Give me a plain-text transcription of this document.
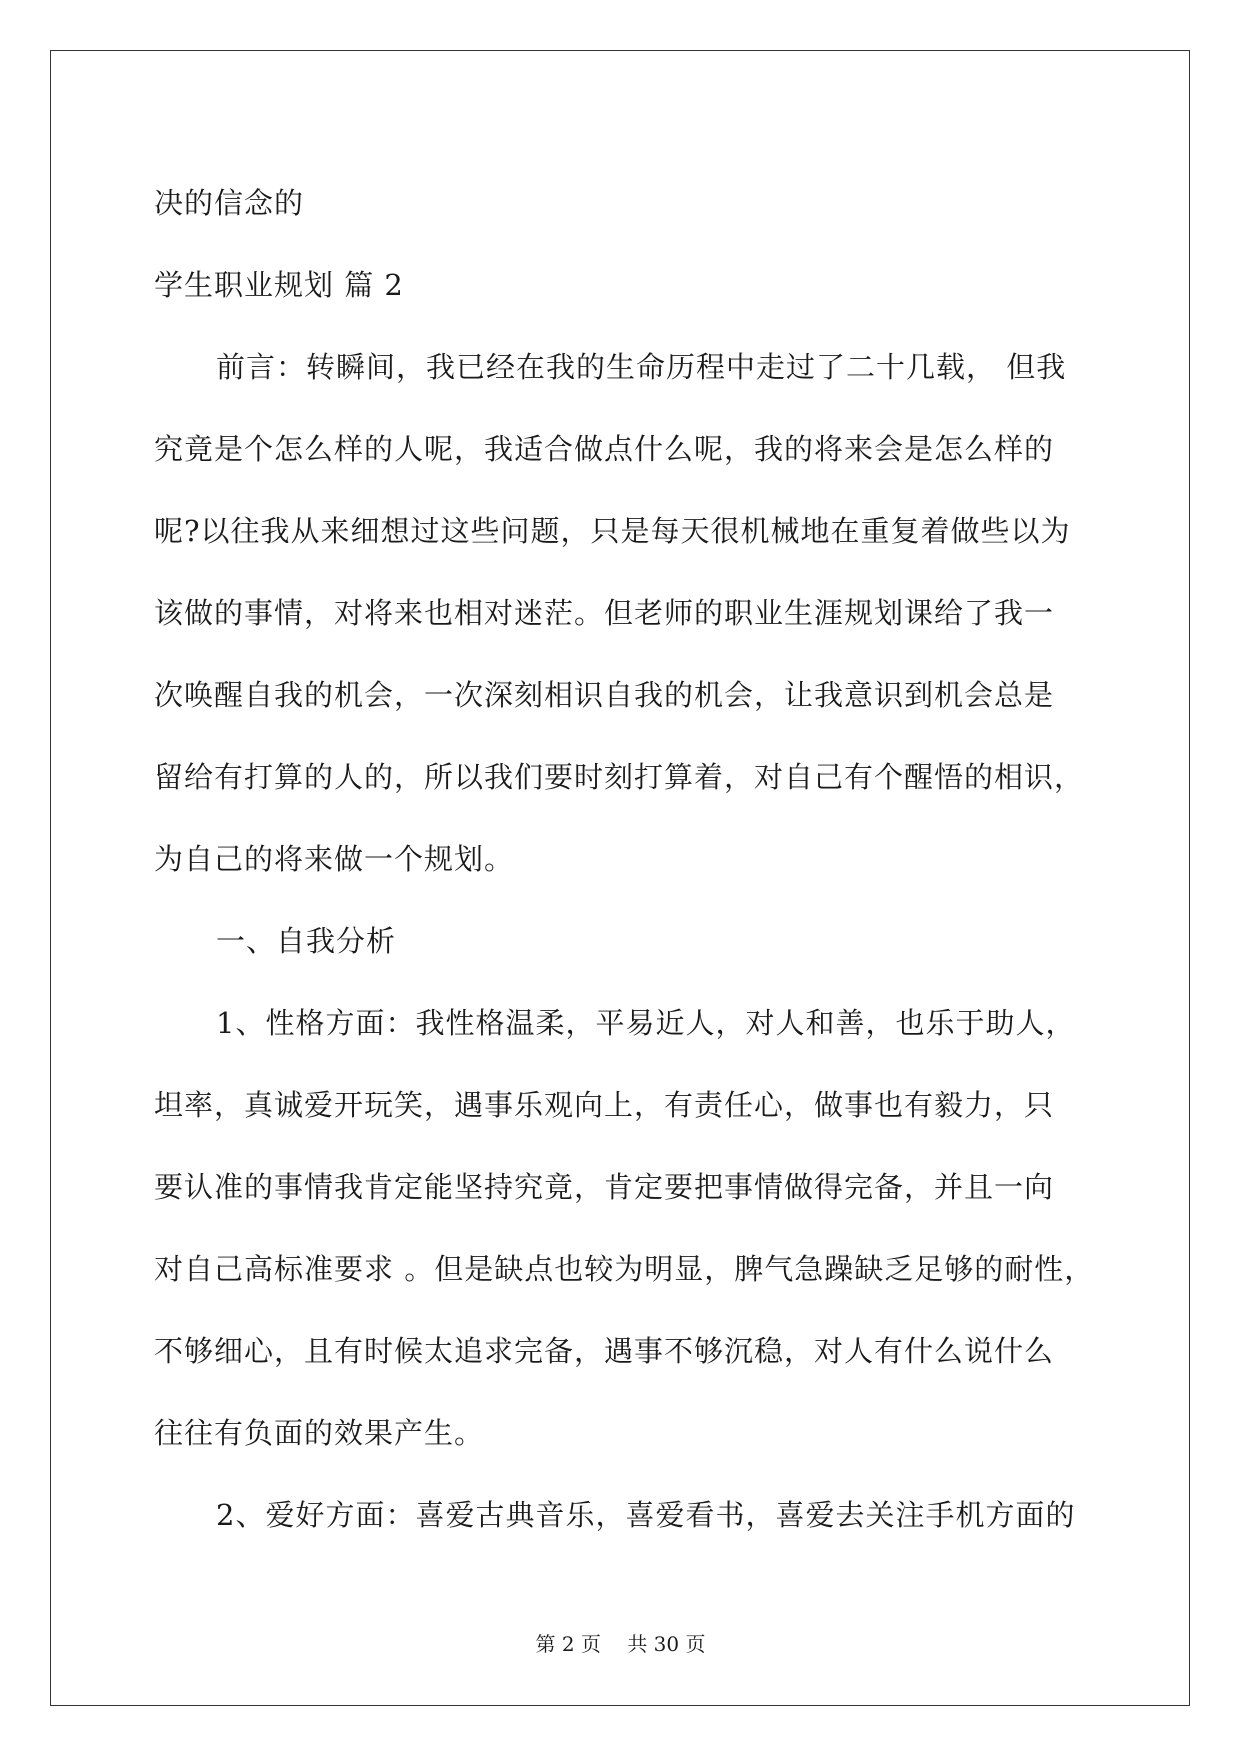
决的信念的

学生职业规划 篇 2

前言：转瞬间，我已经在我的生命历程中走过了二十几载， 但我

究竟是个怎么样的人呢，我适合做点什么呢，我的将来会是怎么样的

呢?以往我从来细想过这些问题，只是每天很机械地在重复着做些以为

该做的事情，对将来也相对迷茫。但老师的职业生涯规划课给了我一

次唤醒自我的机会，一次深刻相识自我的机会，让我意识到机会总是

留给有打算的人的，所以我们要时刻打算着，对自己有个醒悟的相识，

为自己的将来做一个规划。

一、自我分析

1、性格方面：我性格温柔，平易近人，对人和善，也乐于助人，

坦率，真诚爱开玩笑，遇事乐观向上，有责任心，做事也有毅力，只

要认准的事情我肯定能坚持究竟，肯定要把事情做得完备，并且一向

对自己高标准要求 。但是缺点也较为明显，脾气急躁缺乏足够的耐性，

不够细心，且有时候太追求完备，遇事不够沉稳，对人有什么说什么

往往有负面的效果产生。

2、爱好方面：喜爱古典音乐，喜爱看书，喜爱去关注手机方面的

第 2 页 共 30 页
